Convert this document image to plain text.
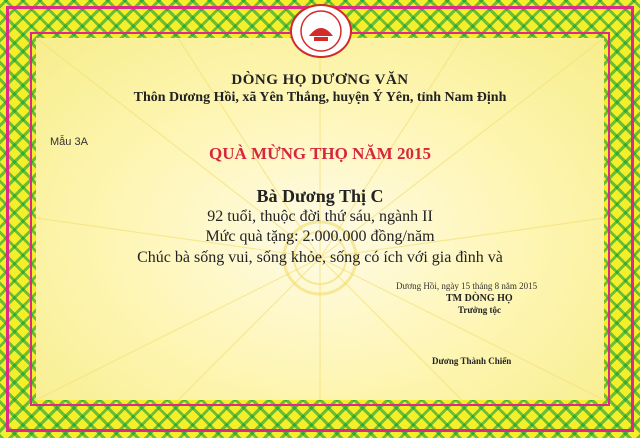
DÒNG HỌ DƯƠNG VĂN

Thôn Dương Hồi, xã Yên Thắng, huyện Ý Yên, tỉnh Nam Định

Mẫu 3A

QUÀ MỪNG THỌ NĂM 2015

Bà Dương Thị C

92 tuổi, thuộc đời thứ sáu, ngành II

Mức quà tặng: 2.000.000 đồng/năm

Chúc bà sống vui, sống khỏe, sống có ích với gia đình và

Dương Hồi, ngày 15 tháng 8 năm 2015

TM DÒNG HỌ

Trưởng tộc

Dương Thành Chiến
